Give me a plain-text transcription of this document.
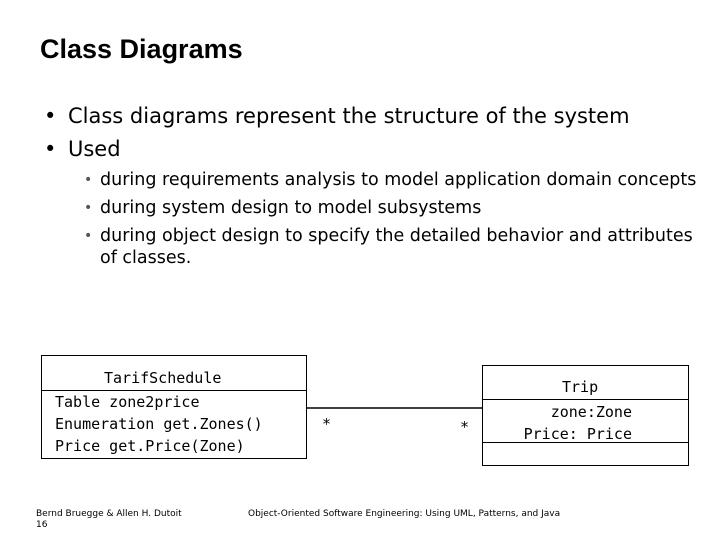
Class Diagrams
• Class diagrams represent the structure of the system
• Used
• during requirements analysis to model application domain concepts
• during system design to model subsystems
• during object design to specify the detailed behavior and attributes of classes.
TarifSchedule
Table zone2price
Enumeration get.Zones()
Price get.Price(Zone)
Trip
zone:Zone
Price: Price
*	*
Bernd Bruegge & Allen H. Dutoit
16
Object-Oriented Software Engineering: Using UML, Patterns, and Java
